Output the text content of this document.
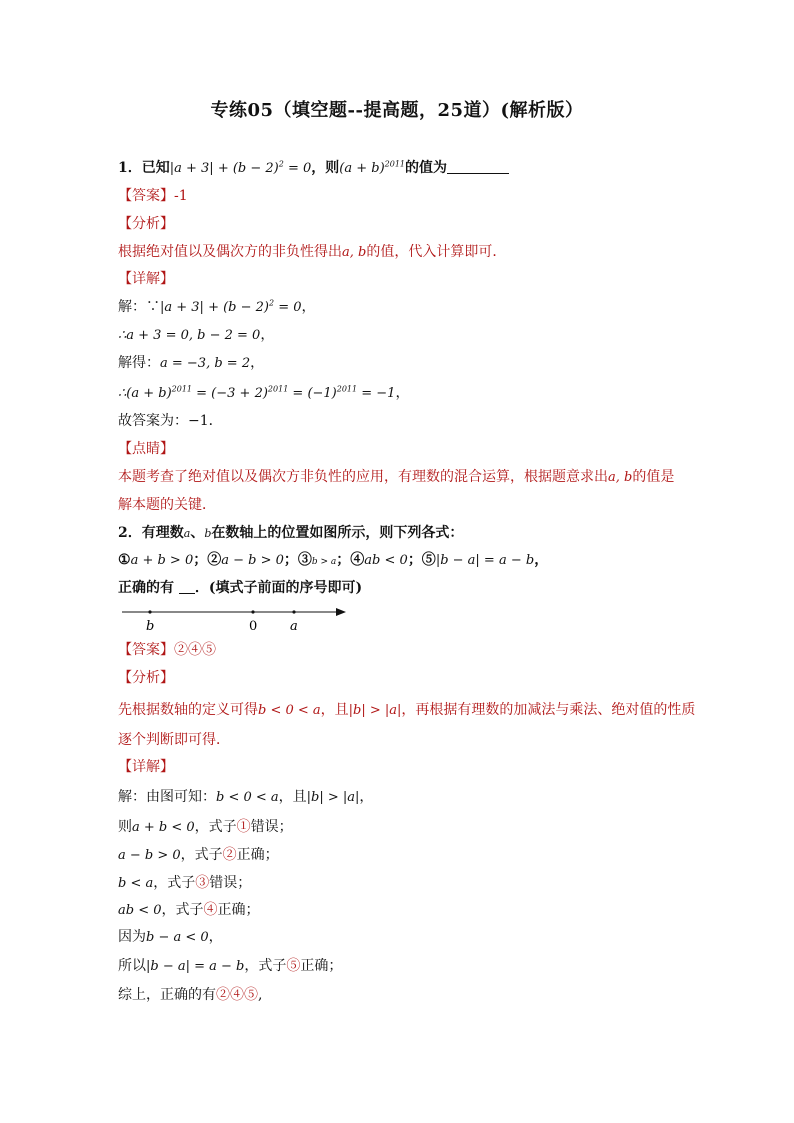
专练05（填空题--提高题，25道）(解析版）
1．已知$|a + 3| + (b - 2)^2 = 0$，则$(a + b)^{2011}$的值为
【答案】-1
【分析】
根据绝对值以及偶次方的非负性得出a, b的值，代入计算即可．
【详解】
解：∵|a + $3| + (b - 2)^2 = 0$，
∴a + 3 = 0, b − 2 = 0，
解得：a = −3, b = 2，
∴(a + $b)^{2011} = (-3 + 2)^{2011} = (-1)^{2011} = -1$，
故答案为：−1．
【点睛】
本题考查了绝对值以及偶次方非负性的应用，有理数的混合运算，根据题意求出a, b的值是
解本题的关键．
2．有理数a、b在数轴上的位置如图所示，则下列各式：
①a + b > 0；②a − b > 0；③b > a；④ab < 0；⑤|b − a| = a − b，
正确的有 ．(填式子前面的序号即可)
b	0	a
【答案】②④⑤
【分析】
先根据数轴的定义可得b < 0 < a，且|b| > |a|，再根据有理数的加减法与乘法、绝对值的性质
逐个判断即可得．
【详解】
解：由图可知：b < 0 < a，且|b| > |a|，
则a + b < 0，式子①错误；
a − b > 0，式子②正确；
b < a，式子③错误；
ab < 0，式子④正确；
因为b − a < 0，
所以|b − a| = a − b，式子⑤正确；
综上，正确的有②④⑤,
